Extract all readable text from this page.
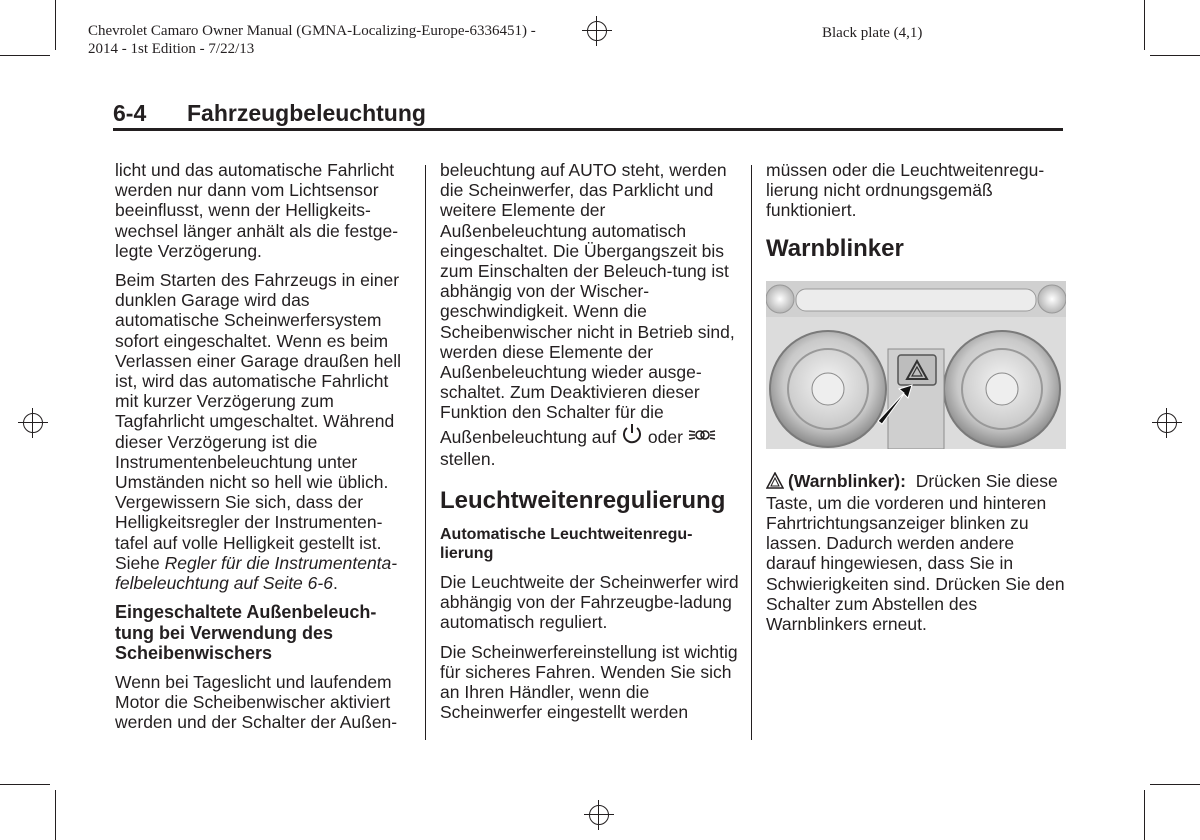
Chevrolet Camaro Owner Manual (GMNA-Localizing-Europe-6336451) -
2014 - 1st Edition - 7/22/13
Black plate (4,1)
6-4 Fahrzeugbeleuchtung

licht und das automatische Fahrlicht werden nur dann vom Lichtsensor beeinflusst, wenn der Helligkeits-wechsel länger anhält als die festge-legte Verzögerung.

Beim Starten des Fahrzeugs in einer dunklen Garage wird das automatische Scheinwerfersystem sofort eingeschaltet. Wenn es beim Verlassen einer Garage draußen hell ist, wird das automatische Fahrlicht mit kurzer Verzögerung zum Tagfahrlicht umgeschaltet. Während dieser Verzögerung ist die Instrumentenbeleuchtung unter Umständen nicht so hell wie üblich. Vergewissern Sie sich, dass der Helligkeitsregler der Instrumenten-tafel auf volle Helligkeit gestellt ist. Siehe Regler für die Instrumententa-felbeleuchtung auf Seite 6-6.

Eingeschaltete Außenbeleuch-tung bei Verwendung des Scheibenwischers

Wenn bei Tageslicht und laufendem Motor die Scheibenwischer aktiviert werden und der Schalter der Außen-

beleuchtung auf AUTO steht, werden die Scheinwerfer, das Parklicht und weitere Elemente der Außenbeleuchtung automatisch eingeschaltet. Die Übergangszeit bis zum Einschalten der Beleuch-tung ist abhängig von der Wischer-geschwindigkeit. Wenn die Scheibenwischer nicht in Betrieb sind, werden diese Elemente der Außenbeleuchtung wieder ausge-schaltet. Zum Deaktivieren dieser Funktion den Schalter für die

Außenbeleuchtung auf oder
stellen.

Leuchtweitenregulierung
Automatische Leuchtweitenregu-lierung

Die Leuchtweite der Scheinwerfer wird abhängig von der Fahrzeugbe-ladung automatisch reguliert.

Die Scheinwerfereinstellung ist wichtig für sicheres Fahren. Wenden Sie sich an Ihren Händler, wenn die Scheinwerfer eingestellt werden

müssen oder die Leuchtweitenregu-lierung nicht ordnungsgemäß funktioniert.

Warnblinker

(Warnblinker): Drücken Sie diese Taste, um die vorderen und hinteren Fahrtrichtungsanzeiger blinken zu lassen. Dadurch werden andere darauf hingewiesen, dass Sie in Schwierigkeiten sind. Drücken Sie den Schalter zum Abstellen des Warnblinkers erneut.
